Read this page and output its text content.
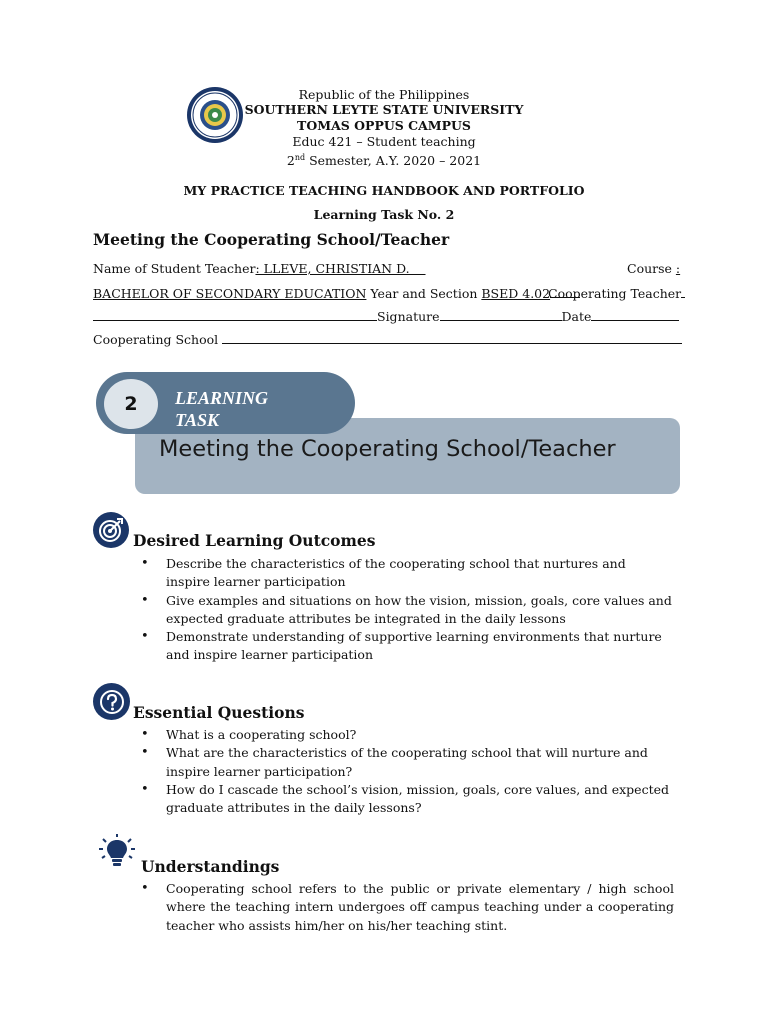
Republic of the Philippines
SOUTHERN LEYTE STATE UNIVERSITY
TOMAS OPPUS CAMPUS
Educ 421 – Student teaching
2nd Semester, A.Y. 2020 – 2021
MY PRACTICE TEACHING HANDBOOK AND PORTFOLIO
Learning Task No. 2
Meeting the Cooperating School/Teacher
Name of Student Teacher: LLEVE, CHRISTIAN D.	Course :
BACHELOR OF SECONDARY EDUCATION Year and Section BSED 4.02
Cooperating Teacher
Signature	Date
Cooperating School
2 LEARNING
TASK
Meeting the Cooperating School/Teacher
Desired Learning Outcomes
• Describe the characteristics of the cooperating school that nurtures and inspire learner participation
• Give examples and situations on how the vision, mission, goals, core values and expected graduate attributes be integrated in the daily lessons
• Demonstrate understanding of supportive learning environments that nurture and inspire learner participation
Essential Questions
• What is a cooperating school?
• What are the characteristics of the cooperating school that will nurture and inspire learner participation?
• How do I cascade the school’s vision, mission, goals, core values, and expected graduate attributes in the daily lessons?
Understandings
• Cooperating school refers to the public or private elementary / high school where the teaching intern undergoes off campus teaching under a cooperating teacher who assists him/her on his/her teaching stint.
